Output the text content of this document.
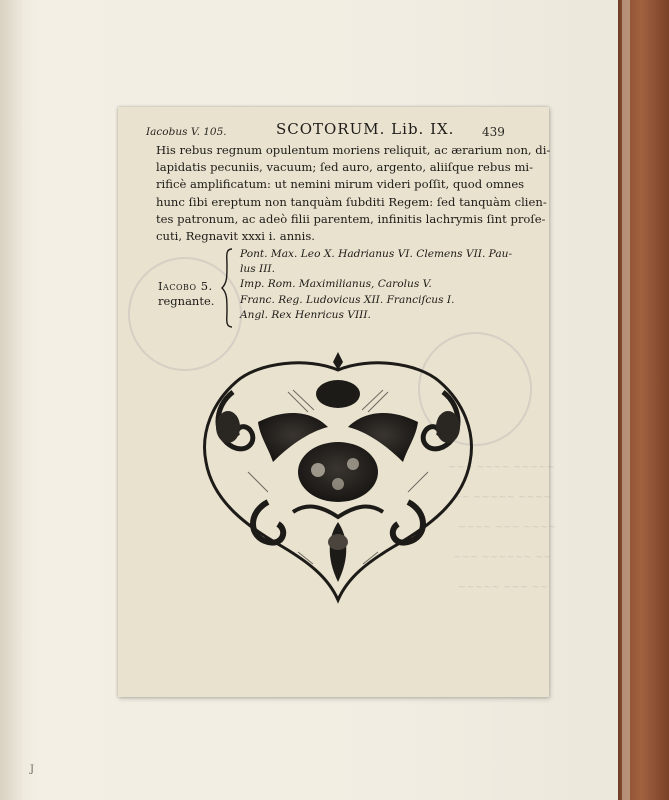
J
~~~ ~~~~ ~~~~~
~~ ~~~~~ ~~~~
~~~~ ~~~ ~~~~
~~~ ~~~~~~ ~~
~~~~~ ~~~ ~~
Iacobus V. 105.	SCOTORUM. Lib. IX. 439
His rebus regnum opulentum moriens reliquit, ac ærarium non, di-
lapidatis pecuniis, vacuum; ſed auro, argento, aliiſque rebus mi-
rificè amplificatum: ut nemini mirum videri poſſit, quod omnes
hunc ſibi ereptum non tanquàm ſubditi Regem: ſed tanquàm clien-
tes patronum, ac adeò filii parentem, infinitis lachrymis ſint proſe-
cuti, Regnavit xxxi i. annis.
Iacobo 5.
regnante.
Pont. Max. Leo X. Hadrianus VI. Clemens VII. Pau-
lus III.
Imp. Rom. Maximilianus, Carolus V.
Franc. Reg. Ludovicus XII. Franciſcus I.
Angl. Rex Henricus VIII.
